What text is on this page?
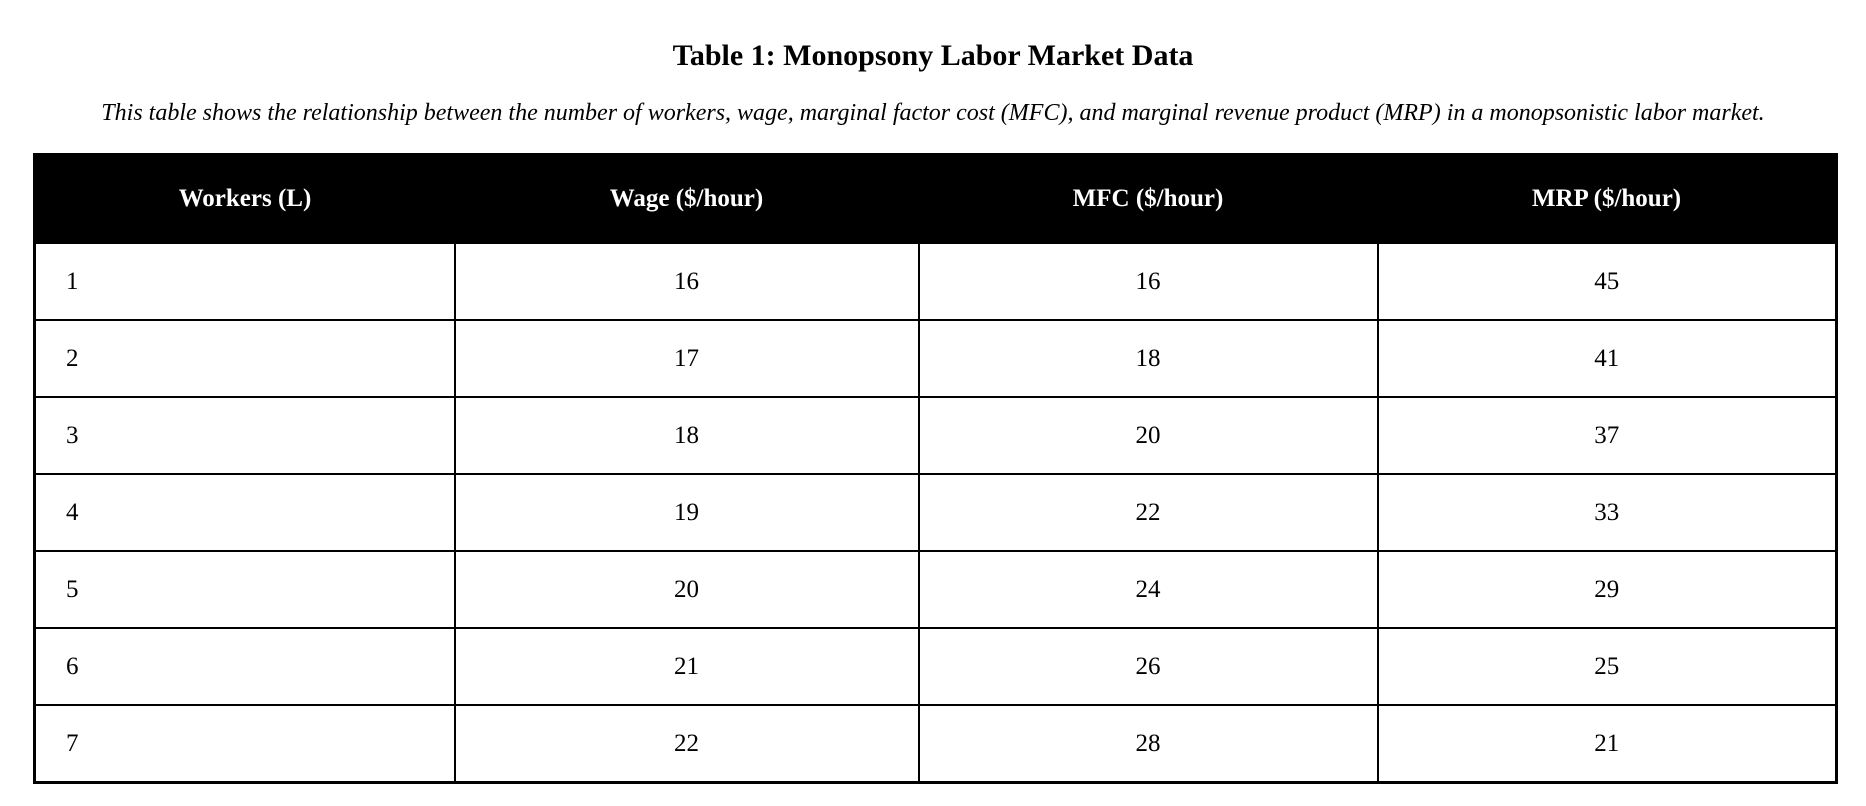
Table 1: Monopsony Labor Market Data
This table shows the relationship between the number of workers, wage, marginal factor cost (MFC), and marginal revenue product (MRP) in a monopsonistic labor market.
Workers (L)	Wage ($/hour)	MFC ($/hour)	MRP ($/hour)
1	16	16	45
2	17	18	41
3	18	20	37
4	19	22	33
5	20	24	29
6	21	26	25
7	22	28	21
